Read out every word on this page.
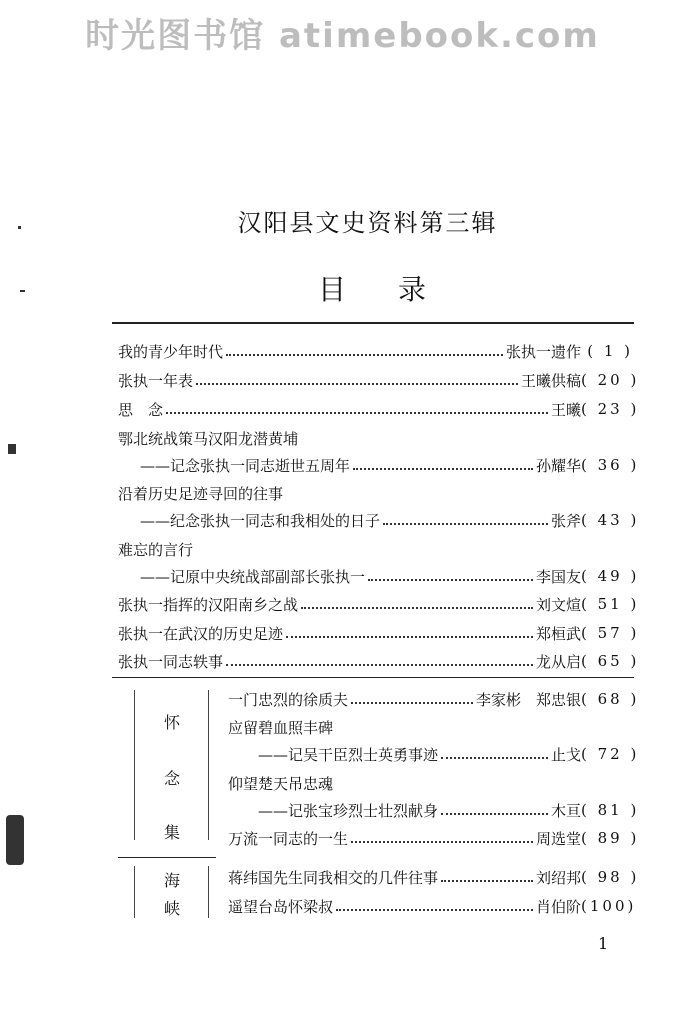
时光图书馆 atimebook.com
汉阳县文史资料第三辑
目录
我的青少年时代	张执一遗作 ( 1 )
张执一年表	王曦供稿 ( 20 )
思　念	王曦 ( 23 )
鄂北统战策马汉阳龙潜黄埔
——记念张执一同志逝世五周年	孙耀华 ( 36 )
沿着历史足迹寻回的往事
——纪念张执一同志和我相处的日子	张斧 ( 43 )
难忘的言行
——记原中央统战部副部长张执一	李国友 ( 49 )
张执一指挥的汉阳南乡之战	刘文煊 ( 51 )
张执一在武汉的历史足迹	郑桓武 ( 57 )
张执一同志轶事	龙从启 ( 65 )
怀
念
集
一门忠烈的徐质夫	李家彬　郑忠银 ( 68 )
应留碧血照丰碑
——记吴干臣烈士英勇事迹	止戈 ( 72 )
仰望楚天吊忠魂
——记张宝珍烈士壮烈献身	木亘 ( 81 )
万流一同志的一生	周选堂 ( 89 )
海
峡
蒋纬国先生同我相交的几件往事	刘绍邦 ( 98 )
遥望台岛怀梁叔	肖伯阶 (100)
1
